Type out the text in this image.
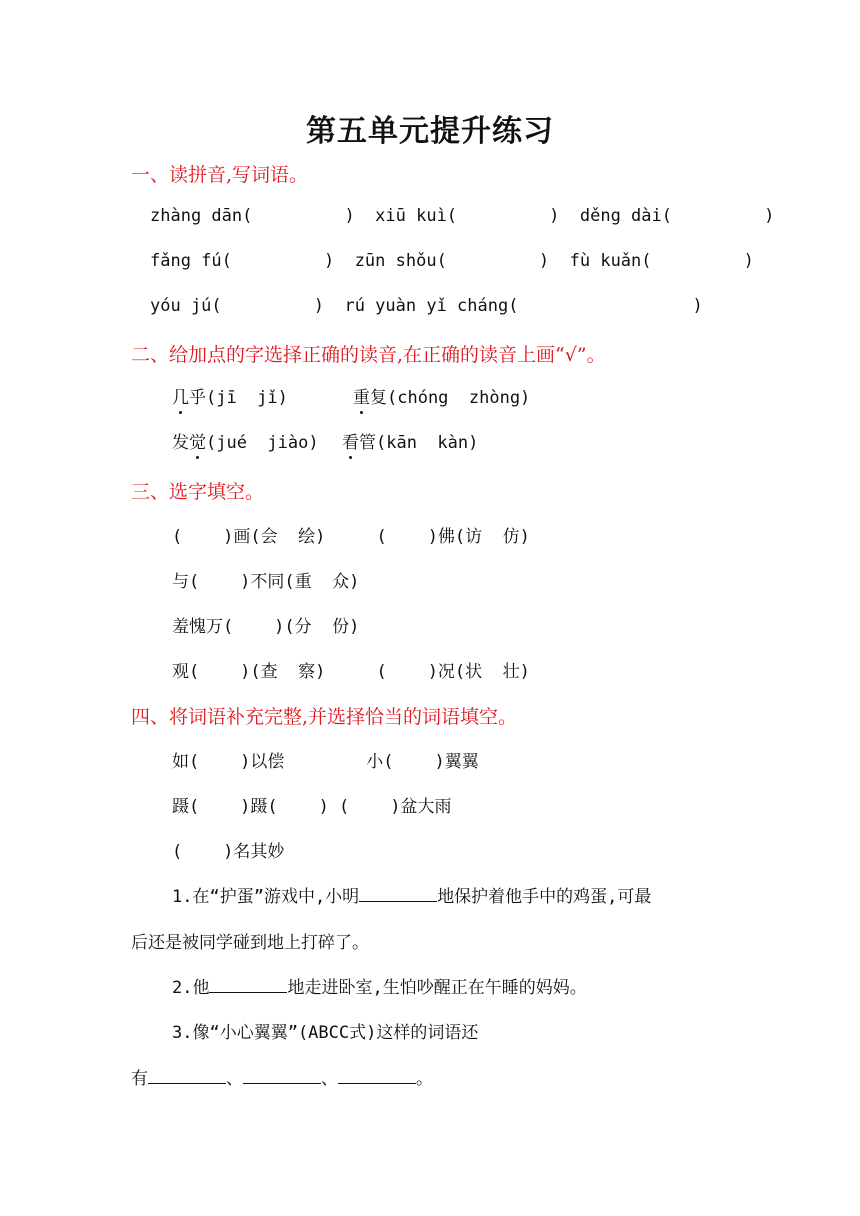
第五单元提升练习
一、读拼音,写词语。
zhàng dān(         )  xiū kuì(         )  děng dài(         )
fǎng fú(         )  zūn shǒu(         )  fù kuǎn(         )
yóu jú(         )  rú yuàn yǐ cháng(                 )
二、给加点的字选择正确的读音,在正确的读音上画“√”。
几乎(jī  jǐ)	重复(chóng  zhòng)
发觉(jué  jiào) 看管(kān  kàn)
三、选字填空。
(    )画(会  绘)     (    )佛(访  仿)
与(    )不同(重  众)
羞愧万(    )(分  份)
观(    )(查  察)     (    )况(状  壮)
四、将词语补充完整,并选择恰当的词语填空。
如(    )以偿        小(    )翼翼
蹑(    )蹑(    ) (    )盆大雨
(    )名其妙
1.在“护蛋”游戏中,小明	地保护着他手中的鸡蛋,可最
后还是被同学碰到地上打碎了。
2.他	地走进卧室,生怕吵醒正在午睡的妈妈。
3.像“小心翼翼”(ABCC式)这样的词语还
有	、	、	。
